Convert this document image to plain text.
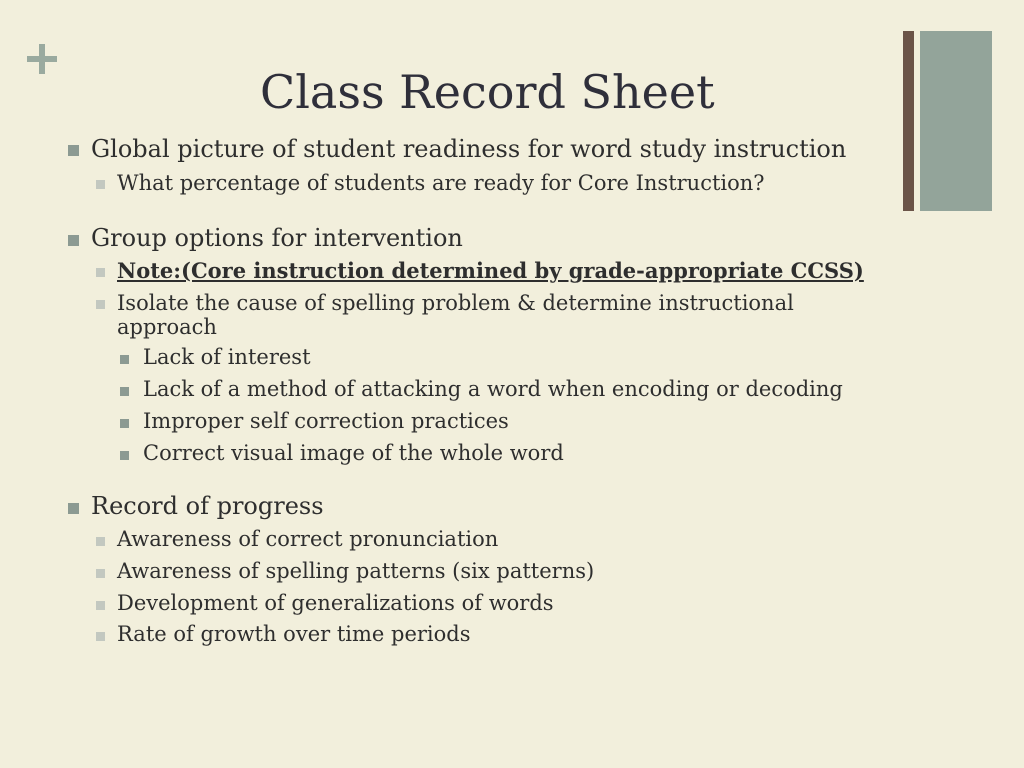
Class Record Sheet
Global picture of student readiness for word study instruction
What percentage of students are ready for Core Instruction?
Group options for intervention
Note:(Core instruction determined by grade-appropriate CCSS)
Isolate the cause of spelling problem & determine instructional approach
Lack of interest
Lack of a method of attacking a word when encoding or decoding
Improper self correction practices
Correct visual image of the whole word
Record of progress
Awareness of correct pronunciation
Awareness of spelling patterns (six patterns)
Development of generalizations of words
Rate of growth over time periods
